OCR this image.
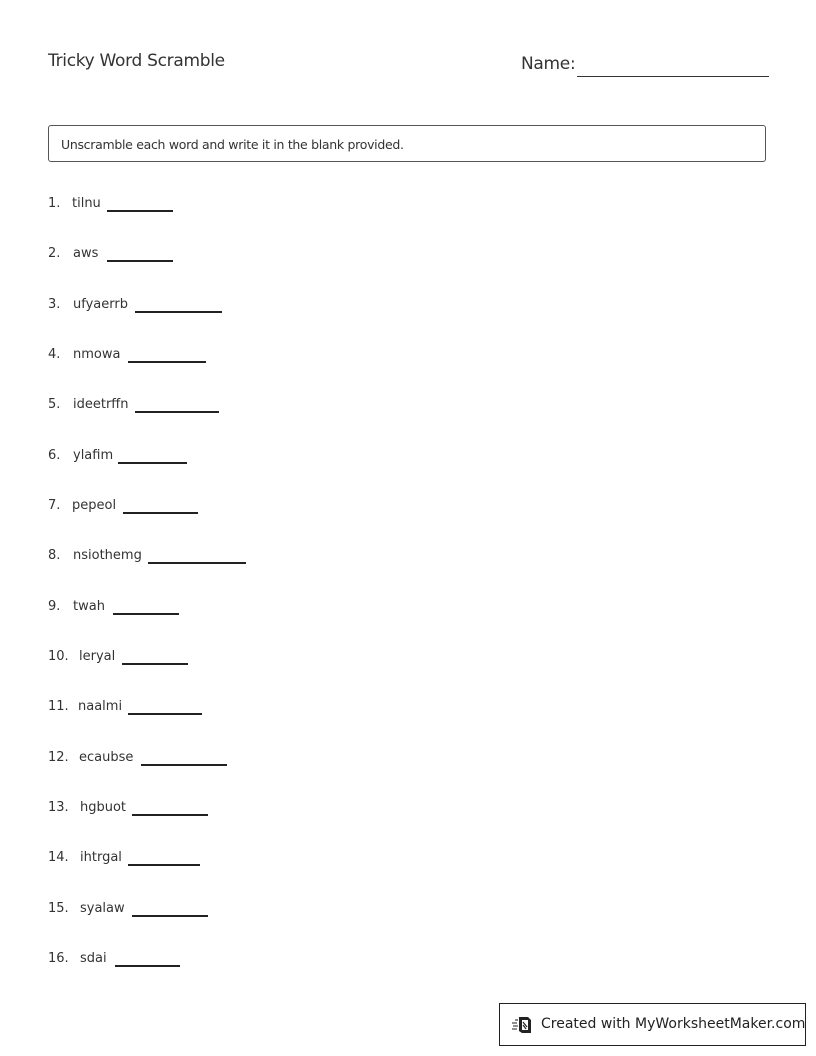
Tricky Word Scramble	Name:
Unscramble each word and write it in the blank provided.
1. tilnu
2. aws
3. ufyaerrb
4. nmowa
5. ideetrffn
6. ylafim
7. pepeol
8. nsiothemg
9. twah
10. leryal
11. naalmi
12. ecaubse
13. hgbuot
14. ihtrgal
15. syalaw
16. sdai
Created with MyWorksheetMaker.com
